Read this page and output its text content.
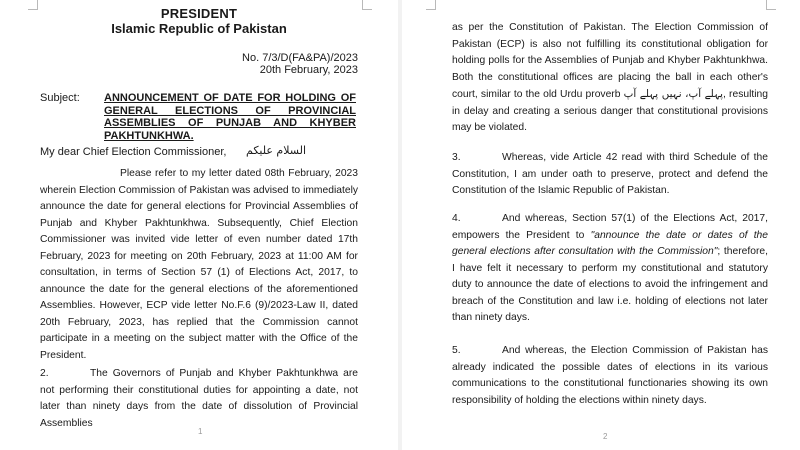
PRESIDENT
Islamic Republic of Pakistan
No. 7/3/D(FA&PA)/2023
20th February, 2023
Subject: ANNOUNCEMENT OF DATE FOR HOLDING OF GENERAL ELECTIONS OF PROVINCIAL ASSEMBLIES OF PUNJAB AND KHYBER PAKHTUNKHWA.
My dear Chief Election Commissioner, السلام علیکم
Please refer to my letter dated 08th February, 2023 wherein Election Commission of Pakistan was advised to immediately announce the date for general elections for Provincial Assemblies of Punjab and Khyber Pakhtunkhwa. Subsequently, Chief Election Commissioner was invited vide letter of even number dated 17th February, 2023 for meeting on 20th February, 2023 at 11:00 AM for consultation, in terms of Section 57 (1) of Elections Act, 2017, to announce the date for the general elections of the aforementioned Assemblies. However, ECP vide letter No.F.6 (9)/2023-Law II, dated 20th February, 2023, has replied that the Commission cannot participate in a meeting on the subject matter with the Office of the President.
2.	The Governors of Punjab and Khyber Pakhtunkhwa are not performing their constitutional duties for appointing a date, not later than ninety days from the date of dissolution of Provincial Assemblies
1
as per the Constitution of Pakistan. The Election Commission of Pakistan (ECP) is also not fulfilling its constitutional obligation for holding polls for the Assemblies of Punjab and Khyber Pakhtunkhwa. Both the constitutional offices are placing the ball in each other's court, similar to the old Urdu proverb پہلے آپ، نہیں پہلے آپ, resulting in delay and creating a serious danger that constitutional provisions may be violated.
3.	Whereas, vide Article 42 read with third Schedule of the Constitution, I am under oath to preserve, protect and defend the Constitution of the Islamic Republic of Pakistan.
4.	And whereas, Section 57(1) of the Elections Act, 2017, empowers the President to "announce the date or dates of the general elections after consultation with the Commission"; therefore, I have felt it necessary to perform my constitutional and statutory duty to announce the date of elections to avoid the infringement and breach of the Constitution and law i.e. holding of elections not later than ninety days.
5.	And whereas, the Election Commission of Pakistan has already indicated the possible dates of elections in its various communications to the constitutional functionaries showing its own responsibility of holding the elections within ninety days.
2
